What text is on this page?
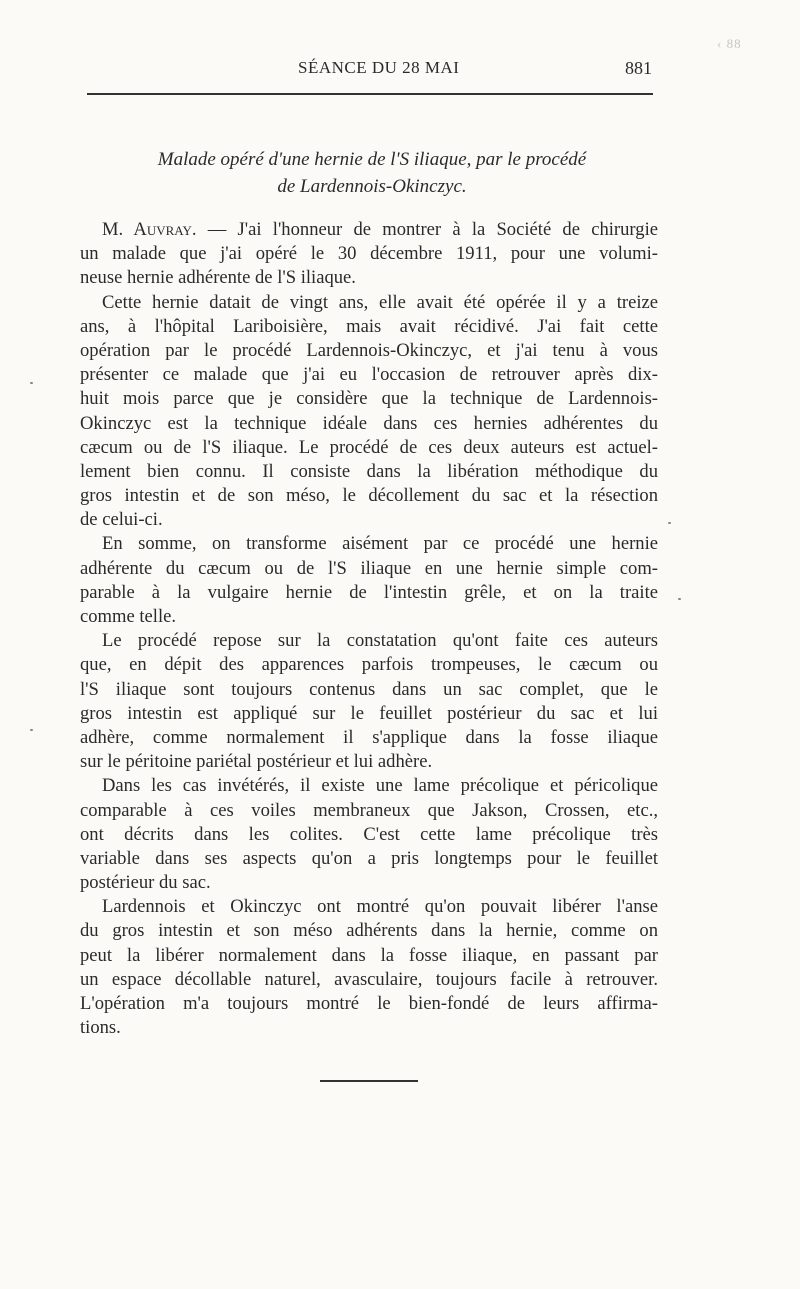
‹ 88
SÉANCE DU 28 MAI	881
Malade opéré d'une hernie de l'S iliaque, par le procédé
de Lardennois-Okinczyc.
M. Auvray. — J'ai l'honneur de montrer à la Société de chirurgie
un malade que j'ai opéré le 30 décembre 1911, pour une volumi-
neuse hernie adhérente de l'S iliaque.
Cette hernie datait de vingt ans, elle avait été opérée il y a treize
ans, à l'hôpital Lariboisière, mais avait récidivé. J'ai fait cette
opération par le procédé Lardennois-Okinczyc, et j'ai tenu à vous
présenter ce malade que j'ai eu l'occasion de retrouver après dix-
huit mois parce que je considère que la technique de Lardennois-
Okinczyc est la technique idéale dans ces hernies adhérentes du
cæcum ou de l'S iliaque. Le procédé de ces deux auteurs est actuel-
lement bien connu. Il consiste dans la libération méthodique du
gros intestin et de son méso, le décollement du sac et la résection
de celui-ci.
En somme, on transforme aisément par ce procédé une hernie
adhérente du cæcum ou de l'S iliaque en une hernie simple com-
parable à la vulgaire hernie de l'intestin grêle, et on la traite
comme telle.
Le procédé repose sur la constatation qu'ont faite ces auteurs
que, en dépit des apparences parfois trompeuses, le cæcum ou
l'S iliaque sont toujours contenus dans un sac complet, que le
gros intestin est appliqué sur le feuillet postérieur du sac et lui
adhère, comme normalement il s'applique dans la fosse iliaque
sur le péritoine pariétal postérieur et lui adhère.
Dans les cas invétérés, il existe une lame précolique et péricolique
comparable à ces voiles membraneux que Jakson, Crossen, etc.,
ont décrits dans les colites. C'est cette lame précolique très
variable dans ses aspects qu'on a pris longtemps pour le feuillet
postérieur du sac.
Lardennois et Okinczyc ont montré qu'on pouvait libérer l'anse
du gros intestin et son méso adhérents dans la hernie, comme on
peut la libérer normalement dans la fosse iliaque, en passant par
un espace décollable naturel, avasculaire, toujours facile à retrouver.
L'opération m'a toujours montré le bien-fondé de leurs affirma-
tions.
